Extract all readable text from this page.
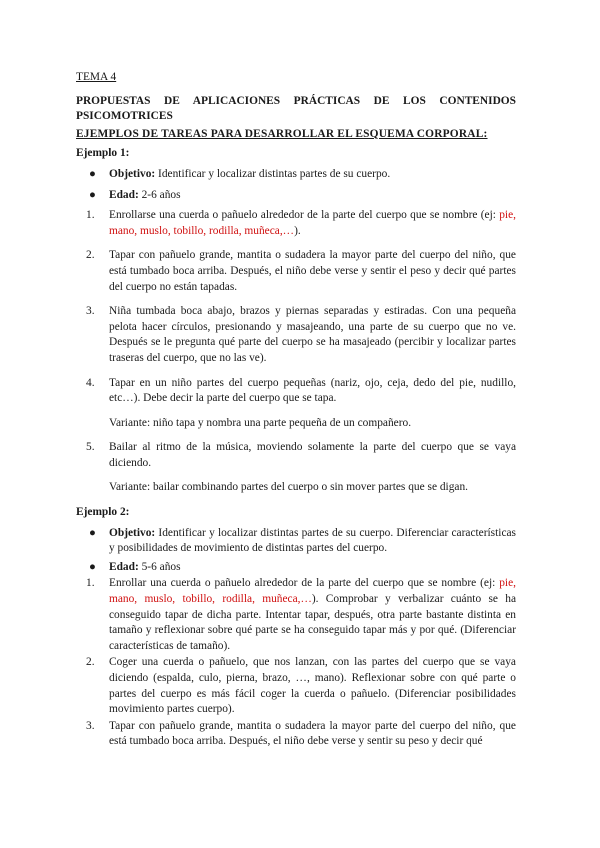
TEMA 4

PROPUESTAS DE APLICACIONES PRÁCTICAS DE LOS CONTENIDOS PSICOMOTRICES

EJEMPLOS DE TAREAS PARA DESARROLLAR EL ESQUEMA CORPORAL:

Ejemplo 1:

● Objetivo: Identificar y localizar distintas partes de su cuerpo.
● Edad: 2-6 años
1. Enrollarse una cuerda o pañuelo alrededor de la parte del cuerpo que se nombre (ej: pie, mano, muslo, tobillo, rodilla, muñeca,…).
2. Tapar con pañuelo grande, mantita o sudadera la mayor parte del cuerpo del niño, que está tumbado boca arriba. Después, el niño debe verse y sentir el peso y decir qué partes del cuerpo no están tapadas.
3. Niña tumbada boca abajo, brazos y piernas separadas y estiradas. Con una pequeña pelota hacer círculos, presionando y masajeando, una parte de su cuerpo que no ve. Después se le pregunta qué parte del cuerpo se ha masajeado (percibir y localizar partes traseras del cuerpo, que no las ve).
4. Tapar en un niño partes del cuerpo pequeñas (nariz, ojo, ceja, dedo del pie, nudillo, etc…). Debe decir la parte del cuerpo que se tapa.

Variante: niño tapa y nombra una parte pequeña de un compañero.

5. Bailar al ritmo de la música, moviendo solamente la parte del cuerpo que se vaya diciendo.

Variante: bailar combinando partes del cuerpo o sin mover partes que se digan.

Ejemplo 2:

● Objetivo: Identificar y localizar distintas partes de su cuerpo. Diferenciar características y posibilidades de movimiento de distintas partes del cuerpo.
● Edad: 5-6 años
1. Enrollar una cuerda o pañuelo alrededor de la parte del cuerpo que se nombre (ej: pie, mano, muslo, tobillo, rodilla, muñeca,…). Comprobar y verbalizar cuánto se ha conseguido tapar de dicha parte. Intentar tapar, después, otra parte bastante distinta en tamaño y reflexionar sobre qué parte se ha conseguido tapar más y por qué. (Diferenciar características de tamaño).
2. Coger una cuerda o pañuelo, que nos lanzan, con las partes del cuerpo que se vaya diciendo (espalda, culo, pierna, brazo, …, mano). Reflexionar sobre con qué parte o partes del cuerpo es más fácil coger la cuerda o pañuelo. (Diferenciar posibilidades movimiento partes cuerpo).
3. Tapar con pañuelo grande, mantita o sudadera la mayor parte del cuerpo del niño, que está tumbado boca arriba. Después, el niño debe verse y sentir su peso y decir qué
